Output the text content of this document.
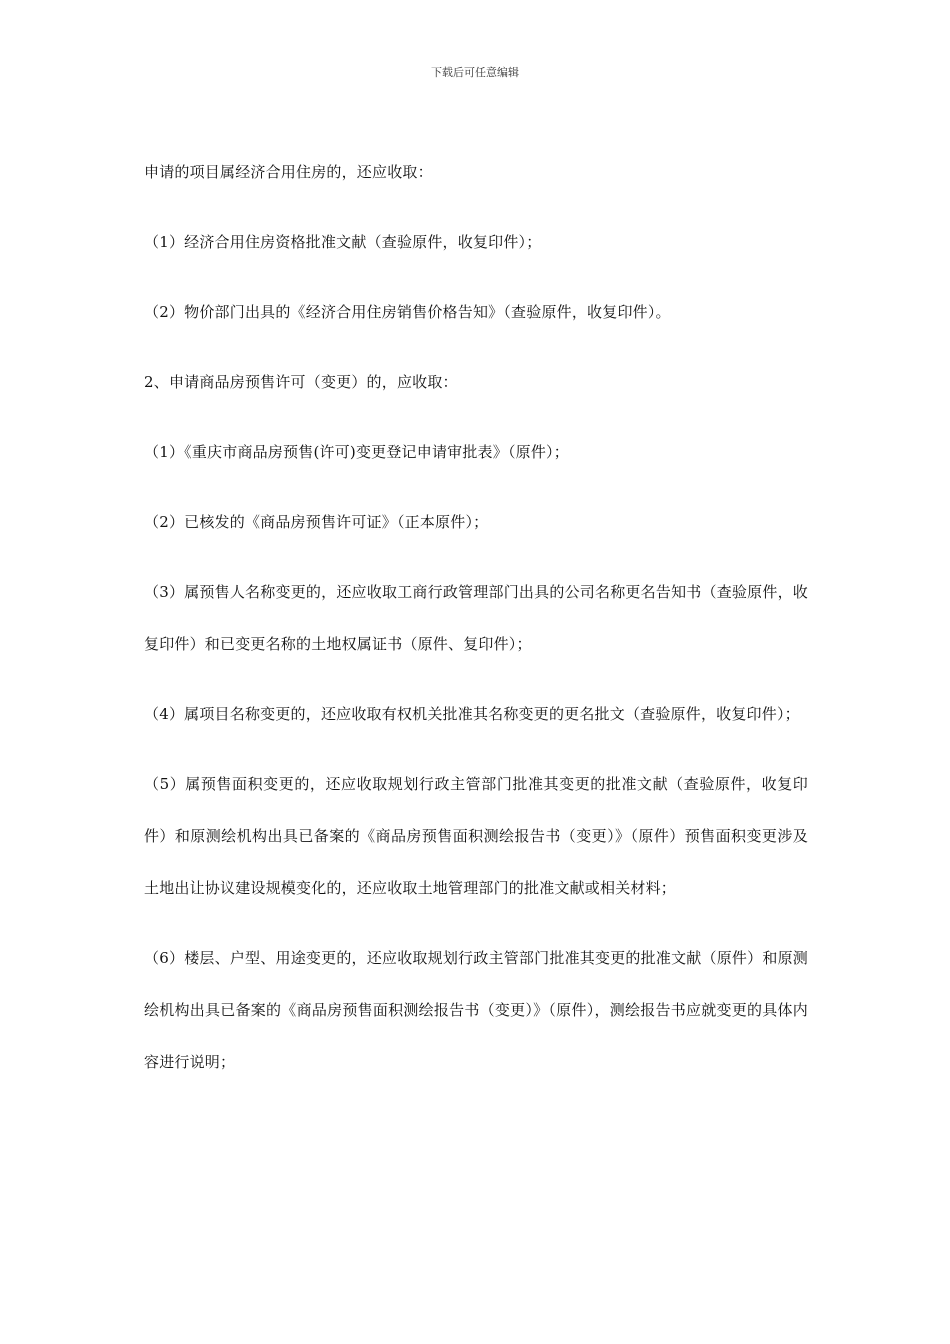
下载后可任意编辑

申请的项目属经济合用住房的，还应收取：

（1）经济合用住房资格批准文献（查验原件，收复印件）；

（2）物价部门出具的《经济合用住房销售价格告知》（查验原件，收复印件）。

2、申请商品房预售许可（变更）的，应收取：

（1）《重庆市商品房预售(许可)变更登记申请审批表》（原件）；

（2）已核发的《商品房预售许可证》（正本原件）；

（3）属预售人名称变更的，还应收取工商行政管理部门出具的公司名称更名告知书（查验原件，收复印件）和已变更名称的土地权属证书（原件、复印件）；

（4）属项目名称变更的，还应收取有权机关批准其名称变更的更名批文（查验原件，收复印件）；

（5）属预售面积变更的，还应收取规划行政主管部门批准其变更的批准文献（查验原件，收复印件）和原测绘机构出具已备案的《商品房预售面积测绘报告书（变更）》（原件）预售面积变更涉及土地出让协议建设规模变化的，还应收取土地管理部门的批准文献或相关材料；

（6）楼层、户型、用途变更的，还应收取规划行政主管部门批准其变更的批准文献（原件）和原测绘机构出具已备案的《商品房预售面积测绘报告书（变更）》（原件），测绘报告书应就变更的具体内容进行说明；
